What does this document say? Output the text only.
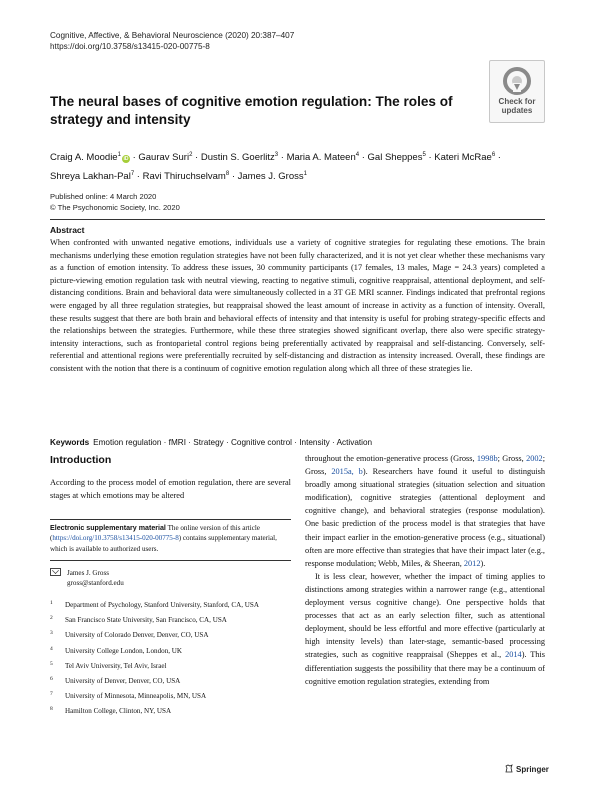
Cognitive, Affective, & Behavioral Neuroscience (2020) 20:387–407
https://doi.org/10.3758/s13415-020-00775-8
Check for
updates
The neural bases of cognitive emotion regulation: The roles of strategy and intensity
Craig A. Moodie$^1$iD · Gaurav Suri$^2$ · Dustin S. Goerlitz$^3$ · Maria A. Mateen$^4$ · Gal Sheppes$^5$ · Kateri McRae$^6$ ·
Shreya Lakhan-Pal$^7$ · Ravi Thiruchselvam$^8$ · James J. Gross$^1$
Published online: 4 March 2020
© The Psychonomic Society, Inc. 2020
Abstract

When confronted with unwanted negative emotions, individuals use a variety of cognitive strategies for regulating these emotions. The brain mechanisms underlying these emotion regulation strategies have not been fully characterized, and it is not yet clear whether these mechanisms vary as a function of emotion intensity. To address these issues, 30 community participants (17 females, 13 males, Mage = 24.3 years) completed a picture-viewing emotion regulation task with neutral viewing, reacting to negative stimuli, cognitive reappraisal, attentional deployment, and self-distancing conditions. Brain and behavioral data were simultaneously collected in a 3T GE MRI scanner. Findings indicated that prefrontal regions were engaged by all three regulation strategies, but reappraisal showed the least amount of increase in activity as a function of intensity. Overall, these results suggest that there are both brain and behavioral effects of intensity and that intensity is useful for probing strategy-specific effects and the relationships between the strategies. Furthermore, while these three strategies showed significant overlap, there also were specific strategy-intensity interactions, such as frontoparietal control regions being preferentially activated by reappraisal and self-distancing. Conversely, self-referential and attentional regions were preferentially recruited by self-distancing and distraction as intensity increased. Overall, these findings are consistent with the notion that there is a continuum of cognitive emotion regulation along which all three of these strategies lie.

Keywords Emotion regulation · fMRI · Strategy · Cognitive control · Intensity · Activation
Introduction

According to the process model of emotion regulation, there are several stages at which emotions may be altered

Electronic supplementary material The online version of this article (https://doi.org/10.3758/s13415-020-00775-8) contains supplementary material, which is available to authorized users.
James J. Gross
gross@stanford.edu
1 Department of Psychology, Stanford University, Stanford, CA, USA
2 San Francisco State University, San Francisco, CA, USA
3 University of Colorado Denver, Denver, CO, USA
4 University College London, London, UK
5 Tel Aviv University, Tel Aviv, Israel
6 University of Denver, Denver, CO, USA
7 University of Minnesota, Minneapolis, MN, USA
8 Hamilton College, Clinton, NY, USA

throughout the emotion-generative process (Gross, 1998b; Gross, 2002; Gross, 2015a, b). Researchers have found it useful to distinguish broadly among situational strategies (situation selection and situation modification), cognitive strategies (attentional deployment and cognitive change), and behavioral strategies (response modulation). One basic prediction of the process model is that strategies that have their impact earlier in the emotion-generative process (e.g., situational) often are more effective than strategies that have their impact later (e.g., response modulation; Webb, Miles, & Sheeran, 2012).

It is less clear, however, whether the impact of timing applies to distinctions among strategies within a narrower range (e.g., attentional deployment versus cognitive change). One perspective holds that processes that act as an early selection filter, such as attentional deployment, should be less effortful and more effective (particularly at high intensity levels) than later-stage, semantic-based processing strategies, such as cognitive reappraisal (Sheppes et al., 2014). This differentiation suggests the possibility that there may be a continuum of cognitive emotion regulation strategies, extending from

Springer
